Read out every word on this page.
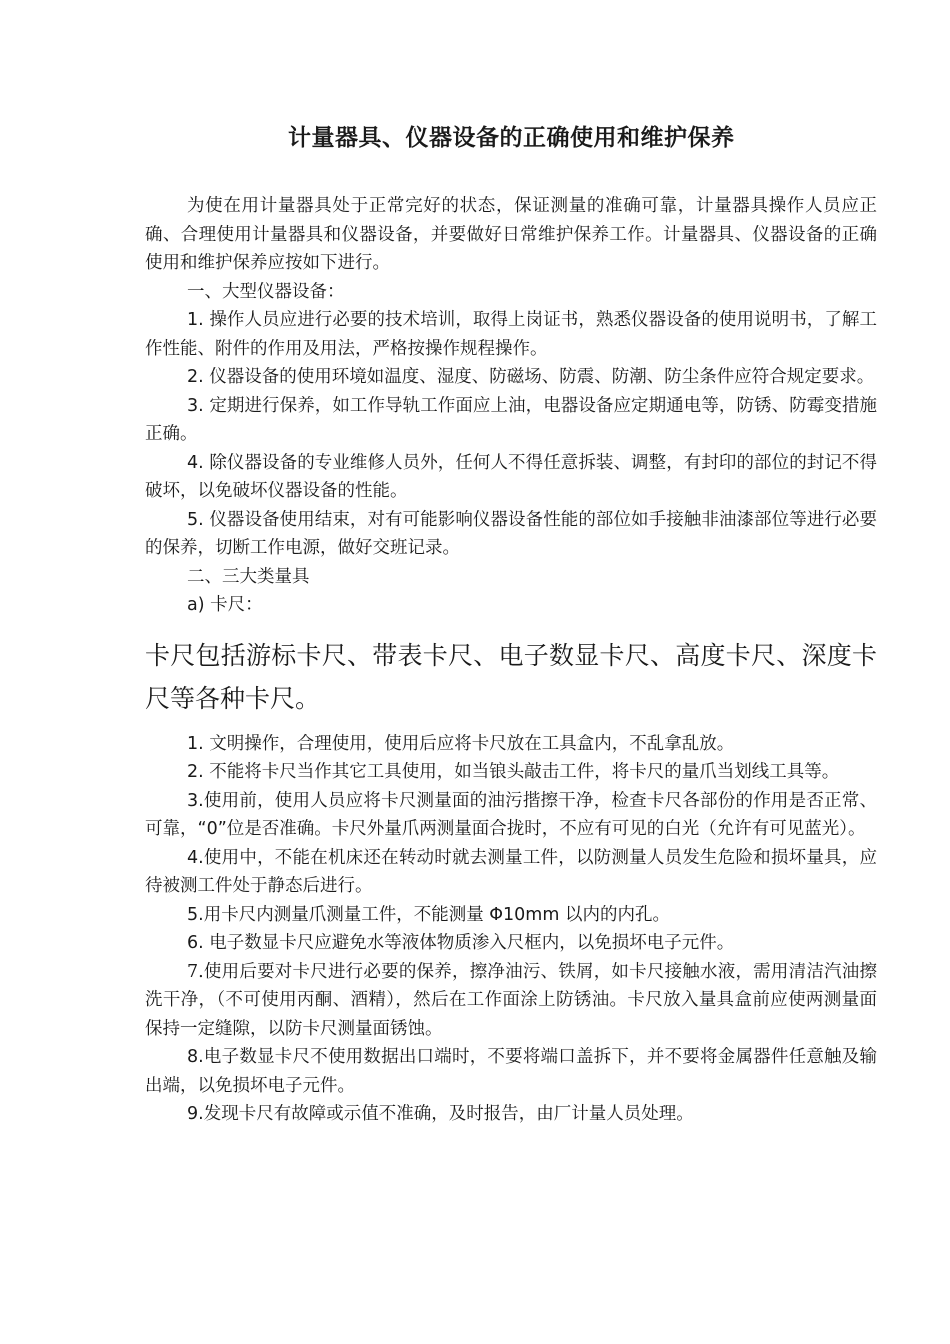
计量器具、仪器设备的正确使用和维护保养

为使在用计量器具处于正常完好的状态，保证测量的准确可靠，计量器具操作人员应正确、合理使用计量器具和仪器设备，并要做好日常维护保养工作。计量器具、仪器设备的正确使用和维护保养应按如下进行。

一、大型仪器设备：

1. 操作人员应进行必要的技术培训，取得上岗证书，熟悉仪器设备的使用说明书，了解工作性能、附件的作用及用法，严格按操作规程操作。

2. 仪器设备的使用环境如温度、湿度、防磁场、防震、防潮、防尘条件应符合规定要求。

3. 定期进行保养，如工作导轨工作面应上油，电器设备应定期通电等，防锈、防霉变措施正确。

4. 除仪器设备的专业维修人员外，任何人不得任意拆装、调整，有封印的部位的封记不得破坏，以免破坏仪器设备的性能。

5. 仪器设备使用结束，对有可能影响仪器设备性能的部位如手接触非油漆部位等进行必要的保养，切断工作电源，做好交班记录。

二、三大类量具

a) 卡尺：

卡尺包括游标卡尺、带表卡尺、电子数显卡尺、高度卡尺、深度卡尺等各种卡尺。

1. 文明操作，合理使用，使用后应将卡尺放在工具盒内，不乱拿乱放。

2. 不能将卡尺当作其它工具使用，如当锒头敲击工件，将卡尺的量爪当划线工具等。

3.使用前，使用人员应将卡尺测量面的油污揩擦干净，检查卡尺各部份的作用是否正常、可靠，“0”位是否准确。卡尺外量爪两测量面合拢时，不应有可见的白光（允许有可见蓝光）。

4.使用中，不能在机床还在转动时就去测量工件，以防测量人员发生危险和损坏量具，应待被测工件处于静态后进行。

5.用卡尺内测量爪测量工件，不能测量 Φ10mm 以内的内孔。

6. 电子数显卡尺应避免水等液体物质渗入尺框内，以免损坏电子元件。

7.使用后要对卡尺进行必要的保养，擦净油污、铁屑，如卡尺接触水液，需用清洁汽油擦洗干净，（不可使用丙酮、酒精），然后在工作面涂上防锈油。卡尺放入量具盒前应使两测量面保持一定缝隙，以防卡尺测量面锈蚀。

8.电子数显卡尺不使用数据出口端时，不要将端口盖拆下，并不要将金属器件任意触及输出端，以免损坏电子元件。

9.发现卡尺有故障或示值不准确，及时报告，由厂计量人员处理。
